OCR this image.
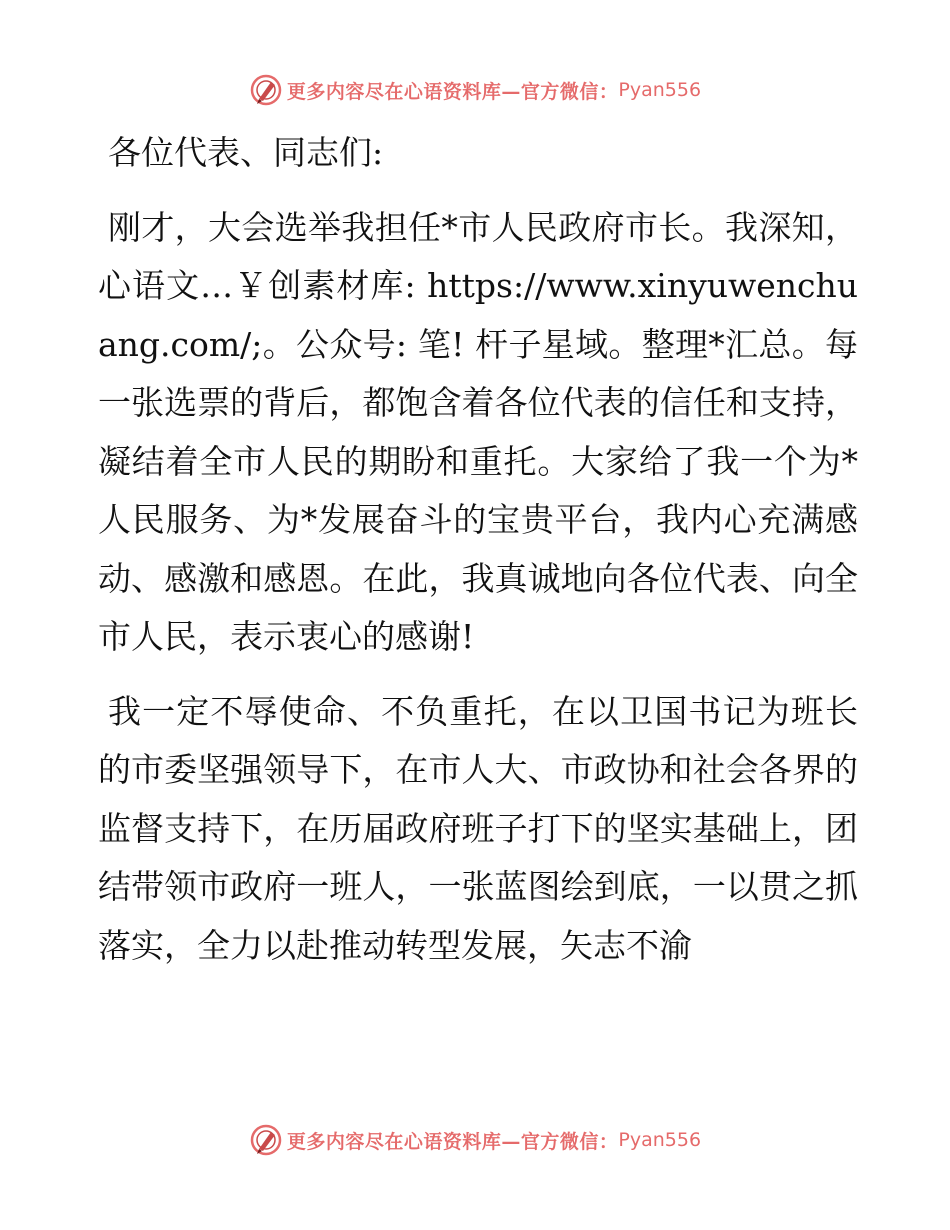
更多内容尽在心语资料库—官方微信： Pyan556

各位代表、同志们:

刚才，大会选举我担任*市人民政府市长。我深知，心语文…￥创素材库: https://www.xinyuwenchuang.com/;。公众号: 笔! 杆子星域。整理*汇总。每一张选票的背后，都饱含着各位代表的信任和支持，凝结着全市人民的期盼和重托。大家给了我一个为*人民服务、为*发展奋斗的宝贵平台，我内心充满感动、感激和感恩。在此，我真诚地向各位代表、向全市人民，表示衷心的感谢!

我一定不辱使命、不负重托，在以卫国书记为班长的市委坚强领导下，在市人大、市政协和社会各界的监督支持下，在历届政府班子打下的坚实基础上，团结带领市政府一班人，一张蓝图绘到底，一以贯之抓落实，全力以赴推动转型发展，矢志不渝

更多内容尽在心语资料库—官方微信： Pyan556
